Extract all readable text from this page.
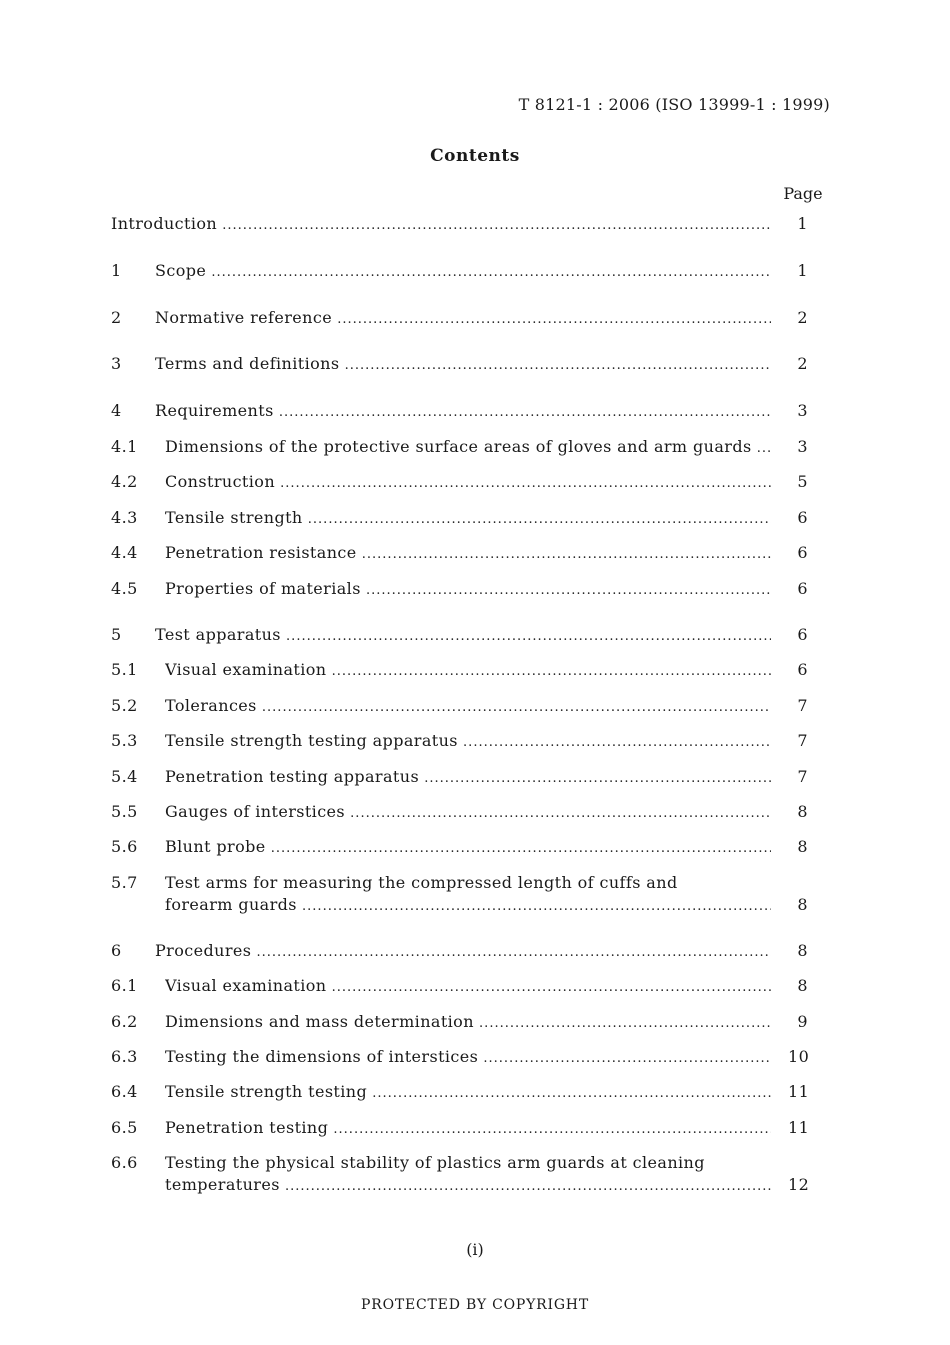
T 8121-1 : 2006 (ISO 13999-1 : 1999)
Contents
Page
Introduction .....	1
1 Scope .....	1
2 Normative reference .....	2
3 Terms and definitions .....	2
4 Requirements .....	3
4.1 Dimensions of the protective surface areas of gloves and arm guards .....	3
4.2 Construction .....	5
4.3 Tensile strength .....	6
4.4 Penetration resistance .....	6
4.5 Properties of materials .....	6
5 Test apparatus .....	6
5.1 Visual examination .....	6
5.2 Tolerances .....	7
5.3 Tensile strength testing apparatus .....	7
5.4 Penetration testing apparatus .....	7
5.5 Gauges of interstices .....	8
5.6 Blunt probe .....	8
5.7 Test arms for measuring the compressed length of cuffs and
forearm guards .....	8
6 Procedures .....	8
6.1 Visual examination .....	8
6.2 Dimensions and mass determination .....	9
6.3 Testing the dimensions of interstices .....	10
6.4 Tensile strength testing .....	11
6.5 Penetration testing .....	11
6.6 Testing the physical stability of plastics arm guards at cleaning
temperatures .....	12
(i)
PROTECTED BY COPYRIGHT
